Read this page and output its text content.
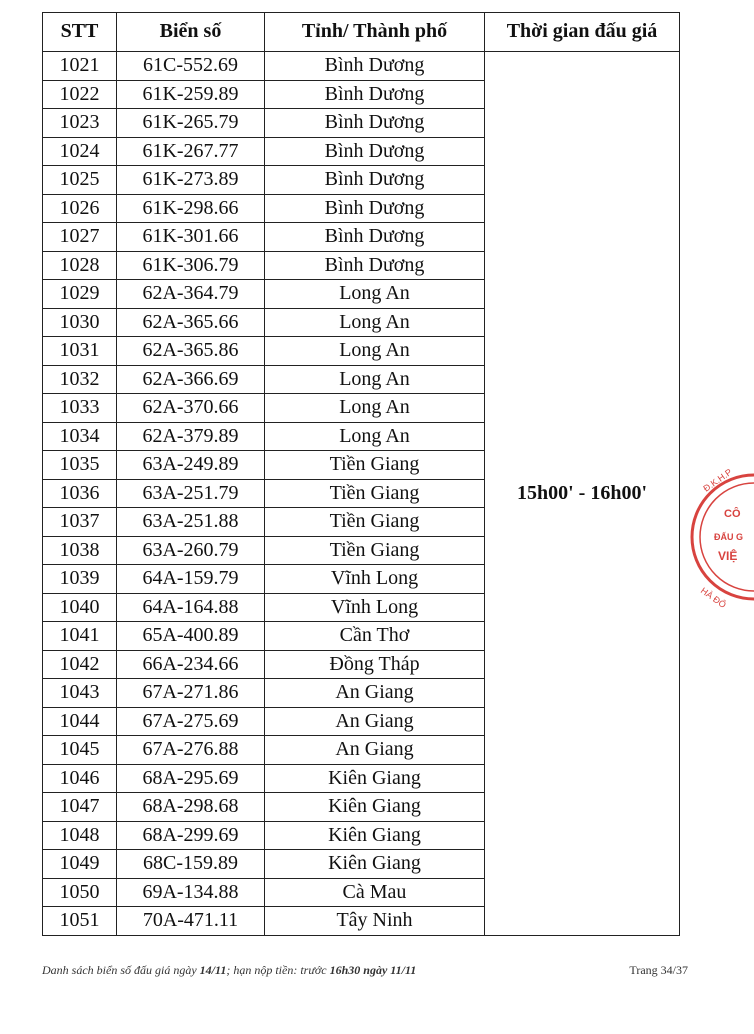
STT	Biển số	Tỉnh/ Thành phố	Thời gian đấu giá
1021	61C-552.69	Bình Dương	15h00' - 16h00'
1022	61K-259.89	Bình Dương	
1023	61K-265.79	Bình Dương	
1024	61K-267.77	Bình Dương	
1025	61K-273.89	Bình Dương	
1026	61K-298.66	Bình Dương	
1027	61K-301.66	Bình Dương	
1028	61K-306.79	Bình Dương	
1029	62A-364.79	Long An	
1030	62A-365.66	Long An	
1031	62A-365.86	Long An	
1032	62A-366.69	Long An	
1033	62A-370.66	Long An	
1034	62A-379.89	Long An	
1035	63A-249.89	Tiền Giang	
1036	63A-251.79	Tiền Giang	
1037	63A-251.88	Tiền Giang	
1038	63A-260.79	Tiền Giang	
1039	64A-159.79	Vĩnh Long	
1040	64A-164.88	Vĩnh Long	
1041	65A-400.89	Cần Thơ	
1042	66A-234.66	Đồng Tháp	
1043	67A-271.86	An Giang	
1044	67A-275.69	An Giang	
1045	67A-276.88	An Giang	
1046	68A-295.69	Kiên Giang	
1047	68A-298.68	Kiên Giang	
1048	68A-299.69	Kiên Giang	
1049	68C-159.89	Kiên Giang	
1050	69A-134.88	Cà Mau	
1051	70A-471.11	Tây Ninh	
Danh sách biển số đấu giá ngày 14/11; hạn nộp tiền: trước 16h30 ngày 11/11	Trang 34/37
Đ.K.H.P
CÔ
ĐẤU G
VIỆ
HÀ ĐÔ
